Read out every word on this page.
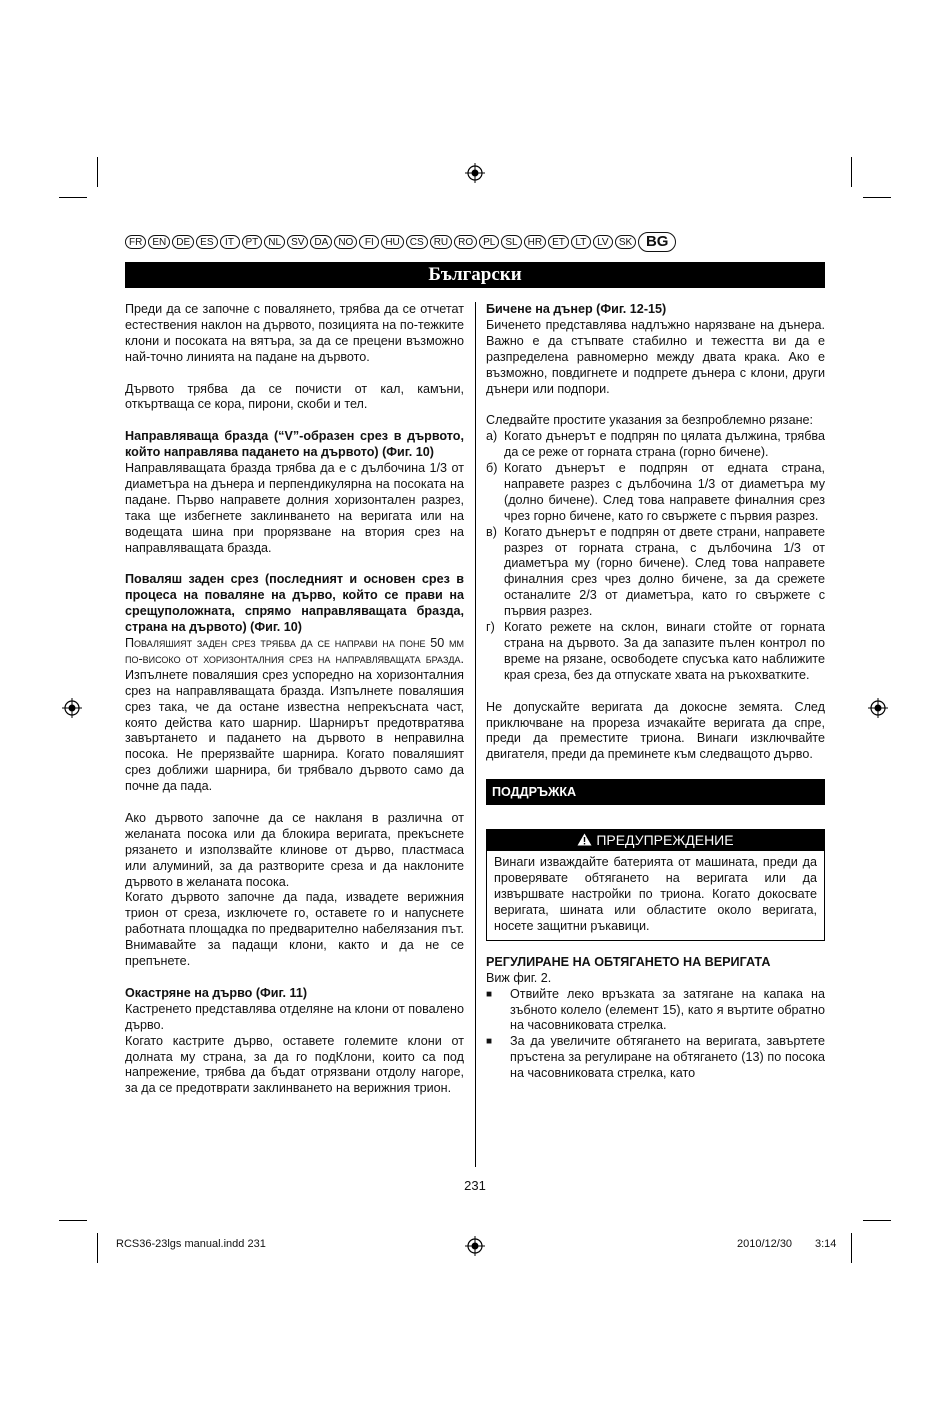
FR	EN	DE	ES	IT	PT	NL	SV	DA	NO	FI	HU	CS	RU	RO	PL	SL	HR	ET	LT	LV	SK BG
Български

Преди да се започне с повалянето, трябва да се отчетат естествения наклон на дървото, позицията на по-тежките клони и посоката на вятъра, за да се прецени възможно най-точно линията на падане на дървото.

Дървото трябва да се почисти от кал, камъни, откъртваща се кора, пирони, скоби и тел.

Направляваща бразда (“V”-образен срез в дървото, който направлява падането на дървото) (Фиг. 10)

Направляващата бразда трябва да е с дълбочина 1/3 от диаметъра на дънера и перпендикулярна на посоката на падане. Първо направете долния хоризонтален разрез, така ще избегнете заклинването на веригата или на водещата шина при прорязване на втория срез на направляващата бразда.

Поваляш заден срез (последният и основен срез в процеса на поваляне на дърво, който се прави на срещуположната, спрямо направляващата бразда, страна на дървото) (Фиг. 10)

Поваляшият заден срез трябва да се направи на поне 50 мм по-високо от хоризонталния срез на направляващата бразда. Изпълнете поваляшия срез успоредно на хоризонталния срез на направляващата бразда. Изпълнете поваляшия срез така, че да остане известна непрекъсната част, която действа като шарнир. Шарнирът предотвратява завъртането и падането на дървото в неправилна посока. Не прерязвайте шарнира. Когато поваляшият срез доближи шарнира, би трябвало дървото само да почне да пада.

Ако дървото започне да се накланя в различна от желаната посока или да блокира веригата, прекъснете рязането и използвайте клинове от дърво, пластмаса или алуминий, за да разтворите среза и да наклоните дървото в желаната посока.

Когато дървото започне да пада, извадете верижния трион от среза, изключете го, оставете го и напуснете работната площадка по предварително набелязания път. Внимавайте за падащи клони, както и да не се препънете.

Окастряне на дърво (Фиг. 11)

Кастренето представлява отделяне на клони от повалено дърво.

Когато кастрите дърво, оставете големите клони от долната му страна, за да го подКлони, които са под напрежение, трябва да бъдат отрязвани отдолу нагоре, за да се предотврати заклинването на верижния трион.

Бичене на дънер (Фиг. 12-15)

Биченето представлява надлъжно нарязване на дънера. Важно е да стъпвате стабилно и тежестта ви да е разпределена равномерно между двата крака. Ако е възможно, повдигнете и подпрете дънера с клони, други дънери или подпори.

Следвайте простите указания за безпроблемно рязане:

а) Когато дънерът е подпрян по цялата дължина, трябва да се реже от горната страна (горно бичене).
б) Когато дънерът е подпрян от едната страна, направете разрез с дълбочина 1/3 от диаметъра му (долно бичене). След това направете финалния срез чрез горно бичене, като го свържете с първия разрез.
в) Когато дънерът е подпрян от двете страни, направете разрез от горната страна, с дълбочина 1/3 от диаметъра му (горно бичене). След това направете финалния срез чрез долно бичене, за да срежете останалите 2/3 от диаметъра, като го свържете с първия разрез.
г) Когато режете на склон, винаги стойте от горната страна на дървото. За да запазите пълен контрол по време на рязане, освободете спусъка като наближите края среза, без да отпускате хвата на ръкохватките.

Не допускайте веригата да докосне земята. След приключване на прореза изчакайте веригата да спре, преди да преместите триона. Винаги изключвайте двигателя, преди да преминете към следващото дърво.

ПОДДРЪЖКА
ПРЕДУПРЕЖДЕНИЕ
Винаги изваждайте батерията от машината, преди да проверявате обтягането на веригата или да извършвате настройки по триона. Когато докосвате веригата, шината или областите около веригата, носете защитни ръкавици.

РЕГУЛИРАНЕ НА ОБТЯГАНЕТО НА ВЕРИГАТА

Виж фиг. 2.

■	Отвийте леко връзката за затягане на капака на зъбното колело (елемент 15), като я въртите обратно на часовниковата стрелка.
■	За да увеличите обтягането на веригата, завъртете пръстена за регулиране на обтягането (13) по посока на часовниковата стрелка, като
231
RCS36-23lgs manual.indd 231	2010/12/30 3:14
